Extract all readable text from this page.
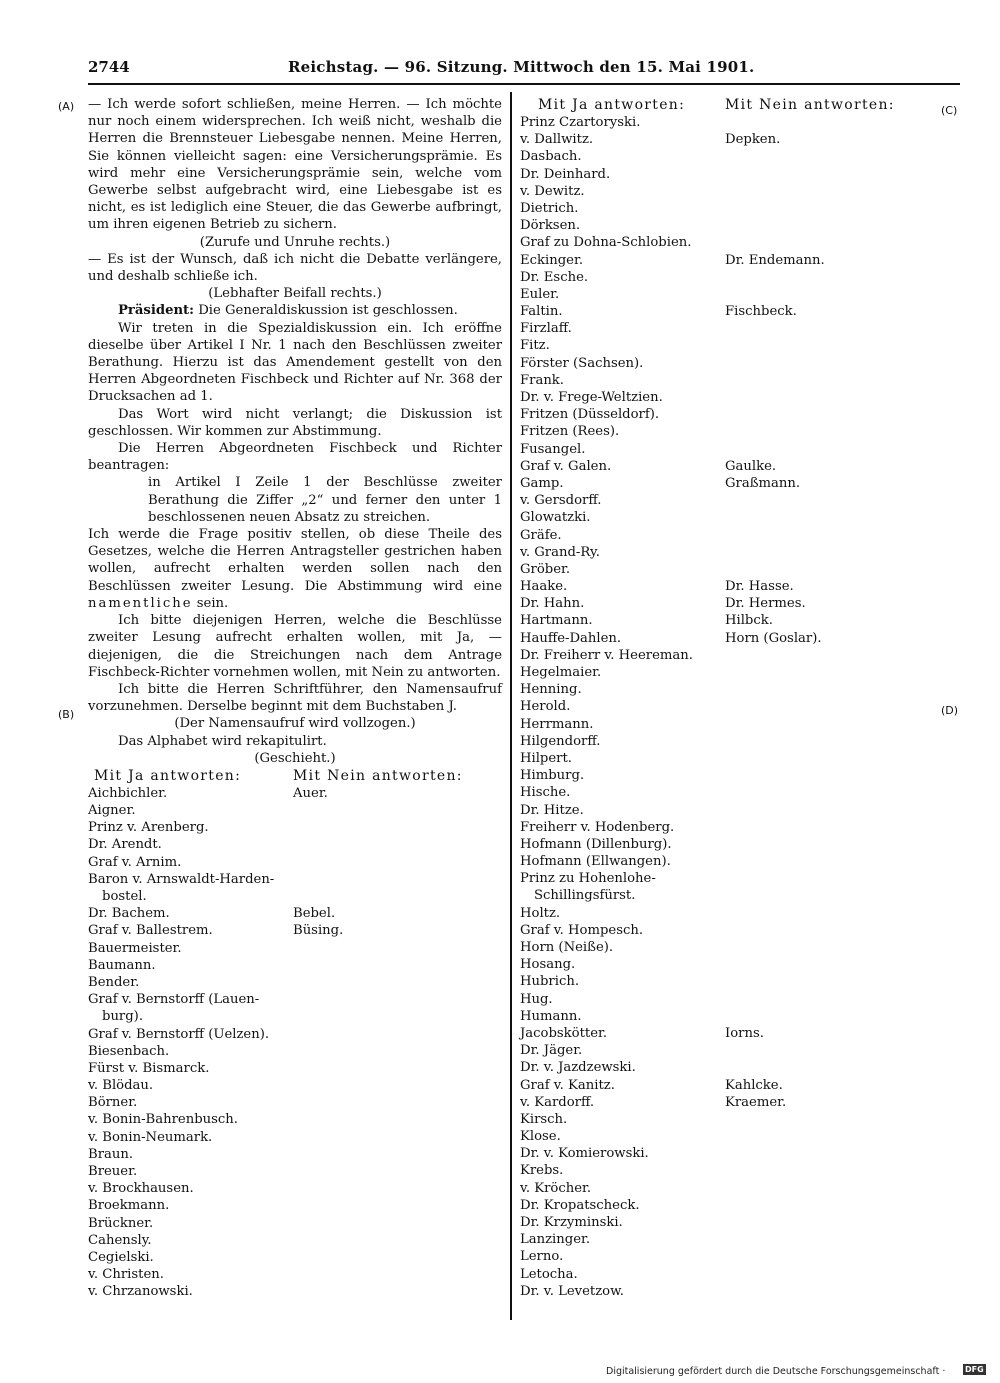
2744	Reichstag. — 96. Sitzung. Mittwoch den 15. Mai 1901.
(A)
(B)
(C)
(D)

— Ich werde sofort schließen, meine Herren. — Ich möchte nur noch einem widersprechen. Ich weiß nicht, weshalb die Herren die Brennsteuer Liebesgabe nennen. Meine Herren, Sie können vielleicht sagen: eine Versicherungsprämie. Es wird mehr eine Versicherungsprämie sein, welche vom Gewerbe selbst aufgebracht wird, eine Liebesgabe ist es nicht, es ist lediglich eine Steuer, die das Gewerbe aufbringt, um ihren eigenen Betrieb zu sichern.

(Zurufe und Unruhe rechts.)

— Es ist der Wunsch, daß ich nicht die Debatte verlängere, und deshalb schließe ich.

(Lebhafter Beifall rechts.)

Präsident: Die Generaldiskussion ist geschlossen.

Wir treten in die Spezialdiskussion ein. Ich eröffne dieselbe über Artikel I Nr. 1 nach den Beschlüssen zweiter Berathung. Hierzu ist das Amendement gestellt von den Herren Abgeordneten Fischbeck und Richter auf Nr. 368 der Drucksachen ad 1.

Das Wort wird nicht verlangt; die Diskussion ist geschlossen. Wir kommen zur Abstimmung.

Die Herren Abgeordneten Fischbeck und Richter beantragen:

in Artikel I Zeile 1 der Beschlüsse zweiter Berathung die Ziffer „2“ und ferner den unter 1 beschlossenen neuen Absatz zu streichen.

Ich werde die Frage positiv stellen, ob diese Theile des Gesetzes, welche die Herren Antragsteller gestrichen haben wollen, aufrecht erhalten werden sollen nach den Beschlüssen zweiter Lesung. Die Abstimmung wird eine namentliche sein.

Ich bitte diejenigen Herren, welche die Beschlüsse zweiter Lesung aufrecht erhalten wollen, mit Ja, — diejenigen, die die Streichungen nach dem Antrage Fischbeck-Richter vornehmen wollen, mit Nein zu antworten.

Ich bitte die Herren Schriftführer, den Namensaufruf vorzunehmen. Derselbe beginnt mit dem Buchstaben J.

(Der Namensaufruf wird vollzogen.)

Das Alphabet wird rekapitulirt.

(Geschieht.)

Mit Ja antworten:	Mit Nein antworten:
Aichbichler.	Auer.
Aigner.
Prinz v. Arenberg.
Dr. Arendt.
Graf v. Arnim.
Baron v. Arnswaldt-Harden-
bostel.
Dr. Bachem.	Bebel.
Graf v. Ballestrem.	Büsing.
Bauermeister.
Baumann.
Bender.
Graf v. Bernstorff (Lauen-
burg).
Graf v. Bernstorff (Uelzen).
Biesenbach.
Fürst v. Bismarck.
v. Blödau.
Börner.
v. Bonin-Bahrenbusch.
v. Bonin-Neumark.
Braun.
Breuer.
v. Brockhausen.
Broekmann.
Brückner.
Cahensly.
Cegielski.
v. Christen.
v. Chrzanowski.
Mit Ja antworten:	Mit Nein antworten:
Prinz Czartoryski.
v. Dallwitz.	Depken.
Dasbach.
Dr. Deinhard.
v. Dewitz.
Dietrich.
Dörksen.
Graf zu Dohna-Schlobien.
Eckinger.	Dr. Endemann.
Dr. Esche.
Euler.
Faltin.	Fischbeck.
Firzlaff.
Fitz.
Förster (Sachsen).
Frank.
Dr. v. Frege-Weltzien.
Fritzen (Düsseldorf).
Fritzen (Rees).
Fusangel.
Graf v. Galen.	Gaulke.
Gamp.	Graßmann.
v. Gersdorff.
Glowatzki.
Gräfe.
v. Grand-Ry.
Gröber.
Haake.	Dr. Hasse.
Dr. Hahn.	Dr. Hermes.
Hartmann.	Hilbck.
Hauffe-Dahlen.	Horn (Goslar).
Dr. Freiherr v. Heereman.
Hegelmaier.
Henning.
Herold.
Herrmann.
Hilgendorff.
Hilpert.
Himburg.
Hische.
Dr. Hitze.
Freiherr v. Hodenberg.
Hofmann (Dillenburg).
Hofmann (Ellwangen).
Prinz zu Hohenlohe-
Schillingsfürst.
Holtz.
Graf v. Hompesch.
Horn (Neiße).
Hosang.
Hubrich.
Hug.
Humann.
Jacobskötter.	Iorns.
Dr. Jäger.
Dr. v. Jazdzewski.
Graf v. Kanitz.	Kahlcke.
v. Kardorff.	Kraemer.
Kirsch.
Klose.
Dr. v. Komierowski.
Krebs.
v. Kröcher.
Dr. Kropatscheck.
Dr. Krzyminski.
Lanzinger.
Lerno.
Letocha.
Dr. v. Levetzow.
Digitalisierung gefördert durch die Deutsche Forschungsgemeinschaft · DFG
